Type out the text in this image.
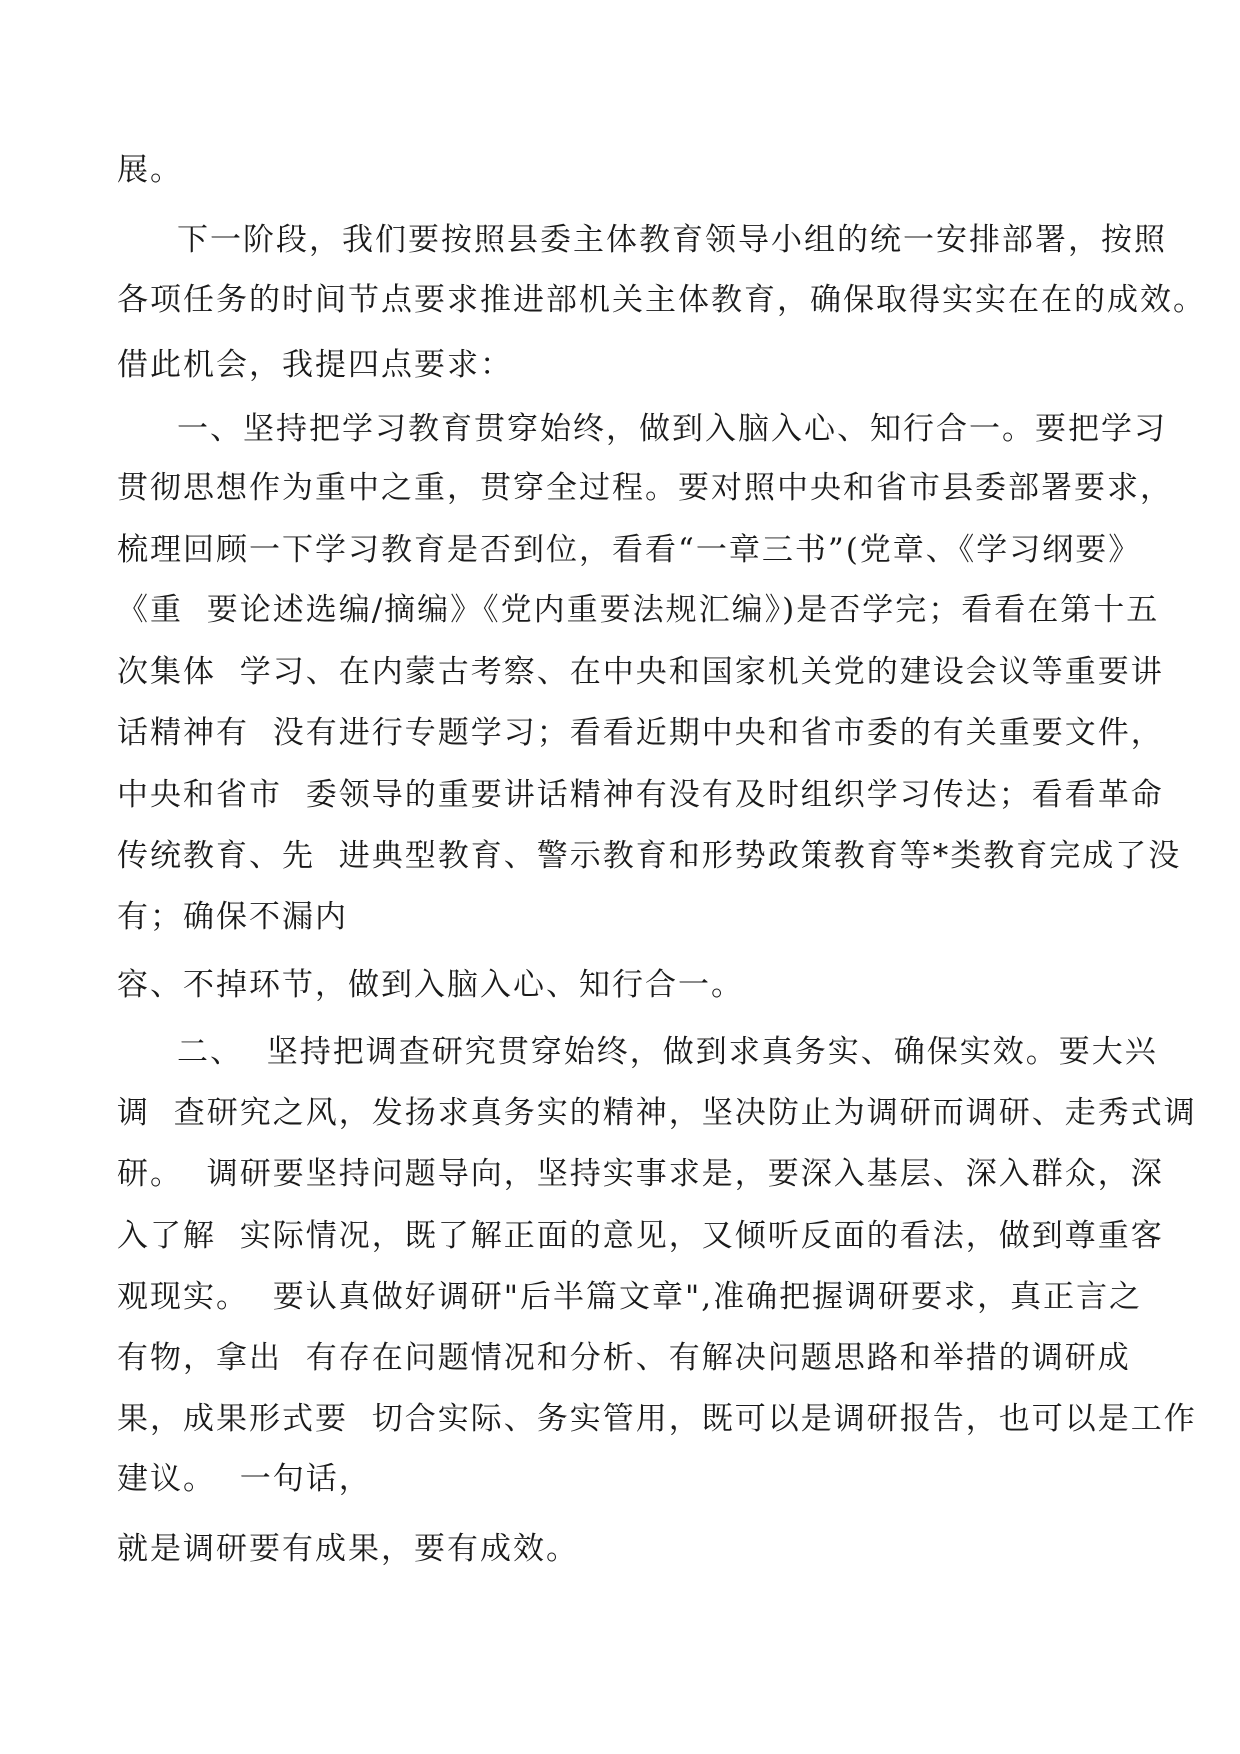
展。
下一阶段，我们要按照县委主体教育领导小组的统一安排部署，按照
各项任务的时间节点要求推进部机关主体教育，确保取得实实在在的成效。
借此机会，我提四点要求：
一、坚持把学习教育贯穿始终，做到入脑入心、知行合一。要把学习
贯彻思想作为重中之重，贯穿全过程。要对照中央和省市县委部署要求，
梳理回顾一下学习教育是否到位，看看“一章三书”(党章、《学习纲要》
《重  要论述选编/摘编》《党内重要法规汇编》)是否学完；看看在第十五
次集体  学习、在内蒙古考察、在中央和国家机关党的建设会议等重要讲
话精神有  没有进行专题学习；看看近期中央和省市委的有关重要文件，
中央和省市  委领导的重要讲话精神有没有及时组织学习传达；看看革命
传统教育、先  进典型教育、警示教育和形势政策教育等*类教育完成了没
有；确保不漏内
容、不掉环节，做到入脑入心、知行合一。
二、  坚持把调查研究贯穿始终，做到求真务实、确保实效。要大兴
调  查研究之风，发扬求真务实的精神，坚决防止为调研而调研、走秀式调
研。  调研要坚持问题导向，坚持实事求是，要深入基层、深入群众，深
入了解  实际情况，既了解正面的意见，又倾听反面的看法，做到尊重客
观现实。  要认真做好调研"后半篇文章",准确把握调研要求，真正言之
有物，拿出  有存在问题情况和分析、有解决问题思路和举措的调研成
果，成果形式要  切合实际、务实管用，既可以是调研报告，也可以是工作
建议。  一句话，
就是调研要有成果，要有成效。
